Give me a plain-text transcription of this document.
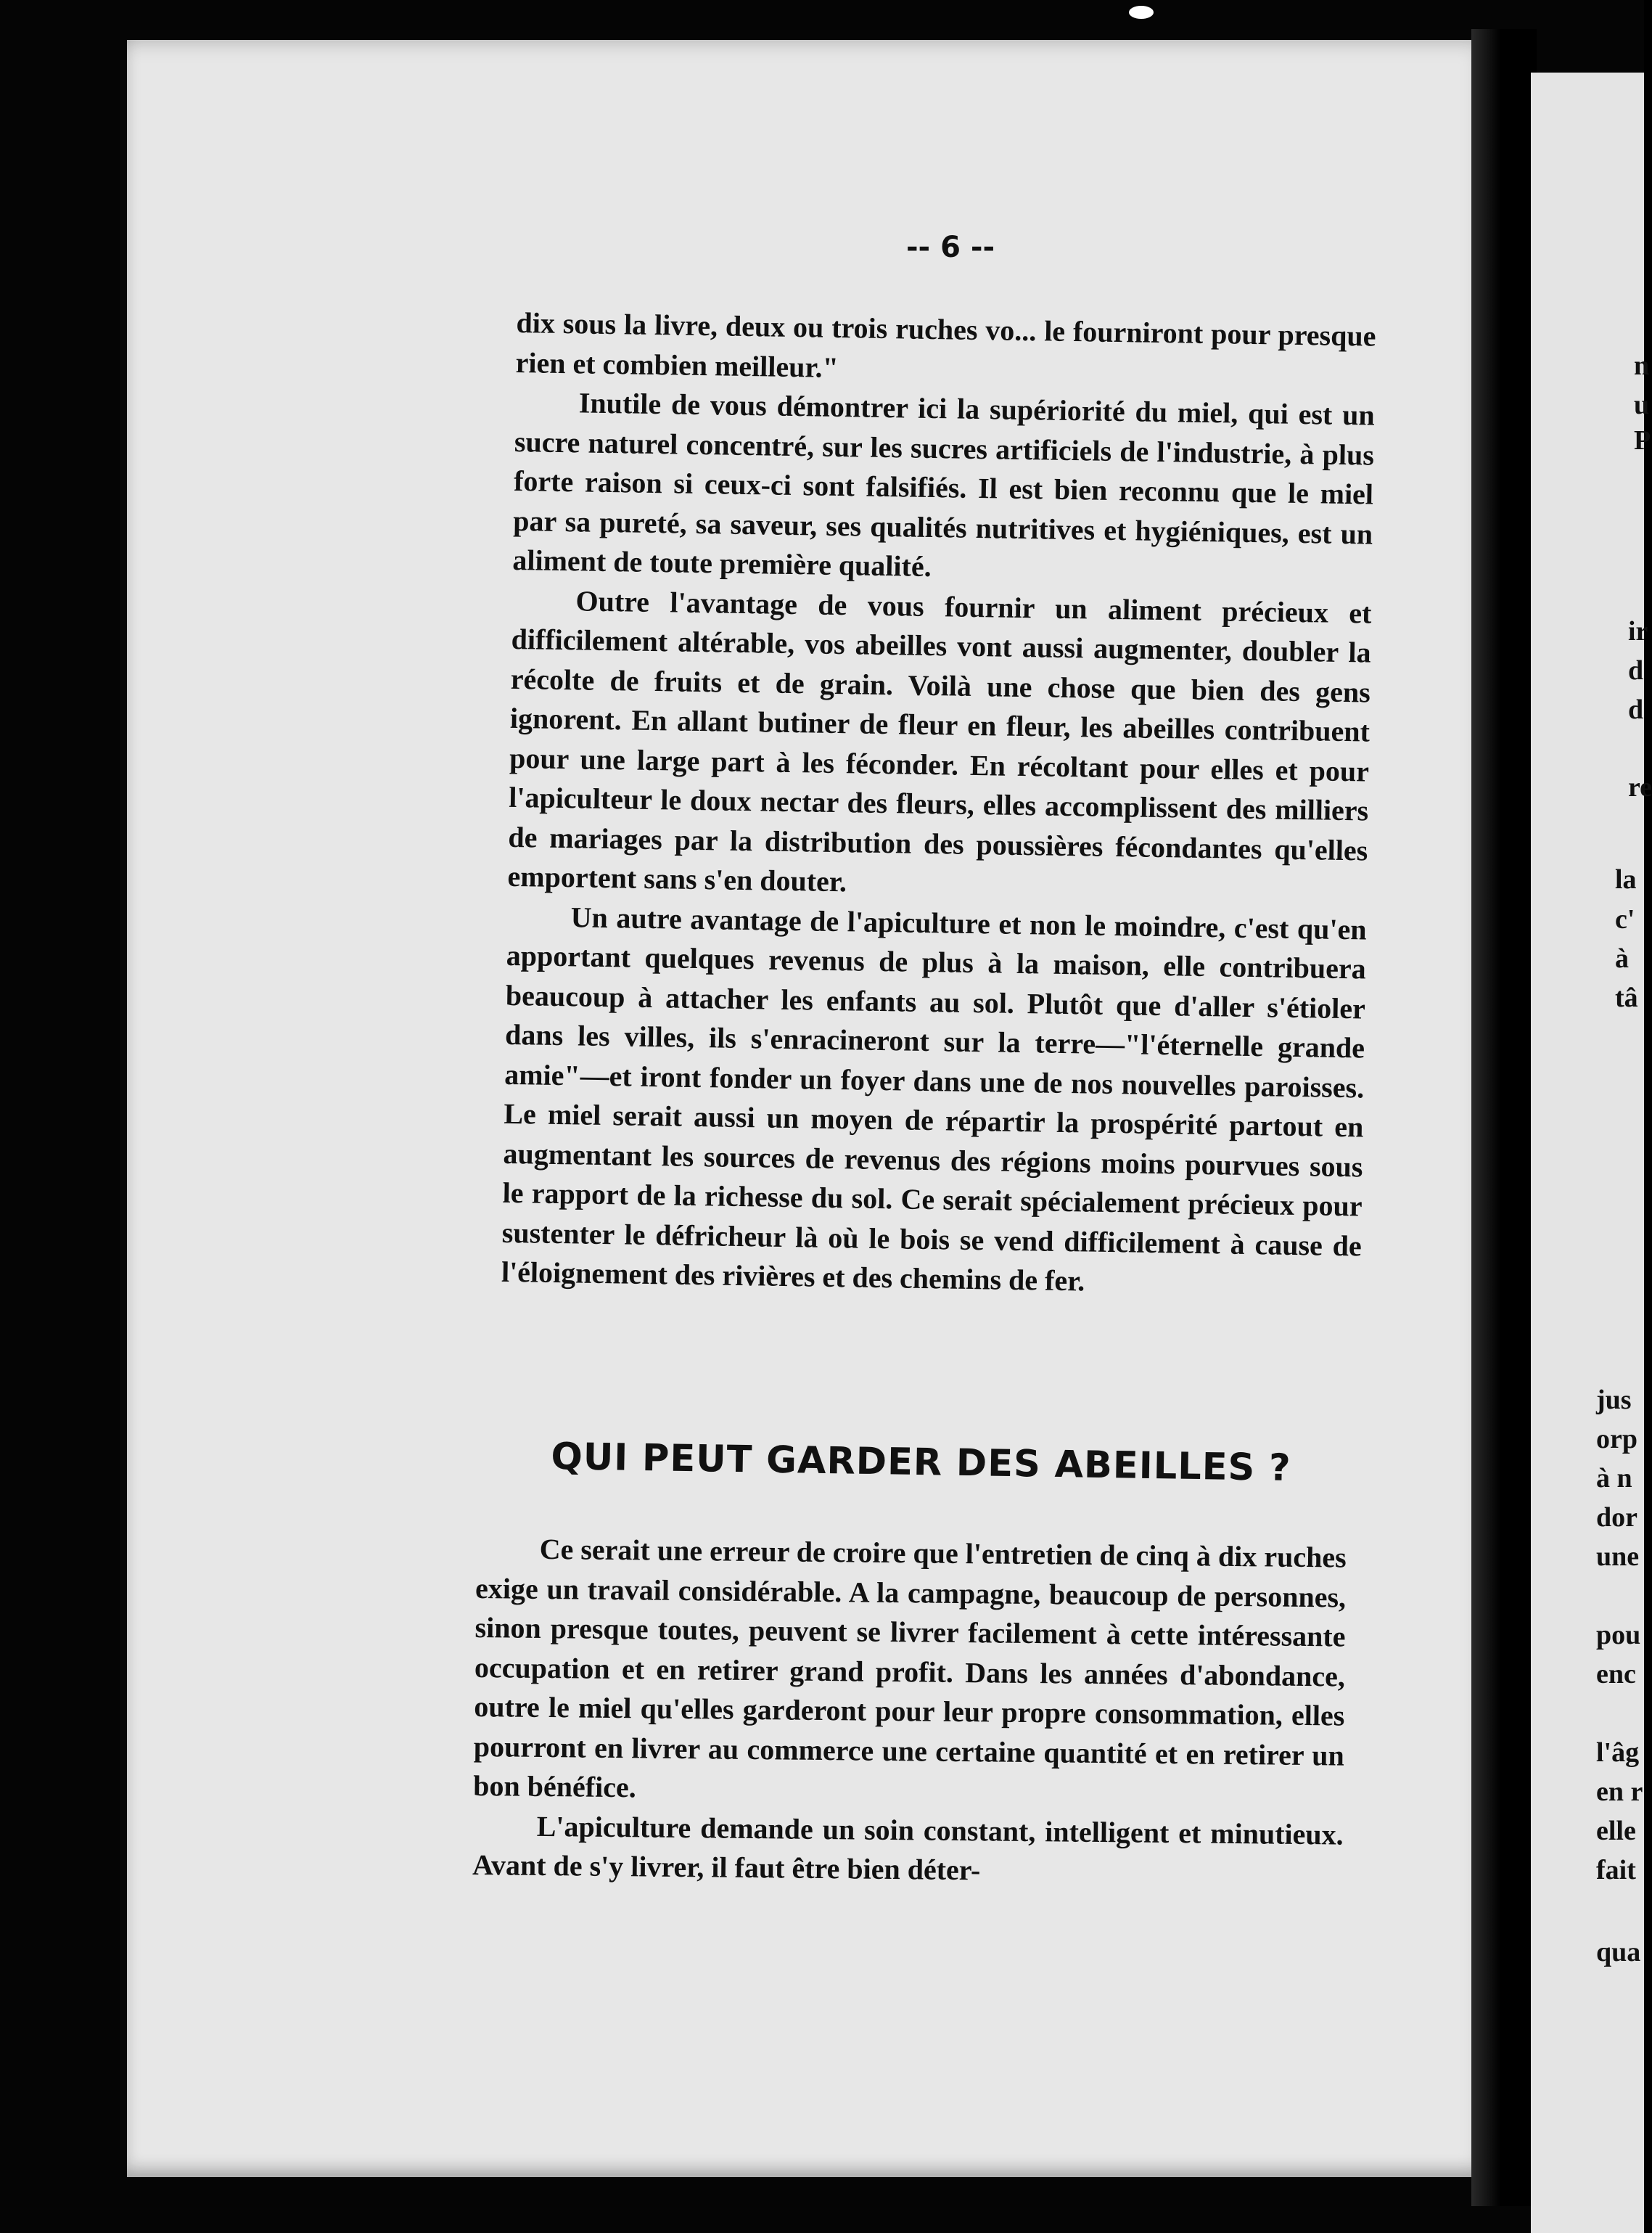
-- 6 --

dix sous la livre, deux ou trois ruches vo... le fourniront pour presque rien et combien meilleur."

Inutile de vous démontrer ici la supériorité du miel, qui est un sucre naturel concentré, sur les sucres artificiels de l'industrie, à plus forte raison si ceux-ci sont falsifiés. Il est bien reconnu que le miel par sa pureté, sa saveur, ses qualités nutritives et hygiéniques, est un aliment de toute première qualité.

Outre l'avantage de vous fournir un aliment précieux et difficilement altérable, vos abeilles vont aussi augmenter, doubler la récolte de fruits et de grain. Voilà une chose que bien des gens ignorent. En allant butiner de fleur en fleur, les abeilles contribuent pour une large part à les féconder. En récoltant pour elles et pour l'apiculteur le doux nectar des fleurs, elles accomplissent des milliers de mariages par la distribution des poussières fécondantes qu'elles emportent sans s'en douter.

Un autre avantage de l'apiculture et non le moindre, c'est qu'en apportant quelques revenus de plus à la maison, elle contribuera beaucoup à attacher les enfants au sol. Plutôt que d'aller s'étioler dans les villes, ils s'enracineront sur la terre—"l'éternelle grande amie"—et iront fonder un foyer dans une de nos nouvelles paroisses. Le miel serait aussi un moyen de répartir la prospérité partout en augmentant les sources de revenus des régions moins pourvues sous le rapport de la richesse du sol. Ce serait spécialement précieux pour sustenter le défricheur là où le bois se vend difficilement à cause de l'éloignement des rivières et des chemins de fer.

QUI PEUT GARDER DES ABEILLES ?

Ce serait une erreur de croire que l'entretien de cinq à dix ruches exige un travail considérable. A la campagne, beaucoup de personnes, sinon presque toutes, peuvent se livrer facilement à cette intéressante occupation et en retirer grand profit. Dans les années d'abondance, outre le miel qu'elles garderont pour leur propre consommation, elles pourront en livrer au commerce une certaine quantité et en retirer un bon bénéfice.

L'apiculture demande un soin constant, intelligent et minutieux. Avant de s'y livrer, il faut être bien déter-

n
u
P
ir
d
d
re
la
c'
à
tâ
jus
orp
à n
dor
une
pou
enc
l'âg
en r
elle
fait
qua
